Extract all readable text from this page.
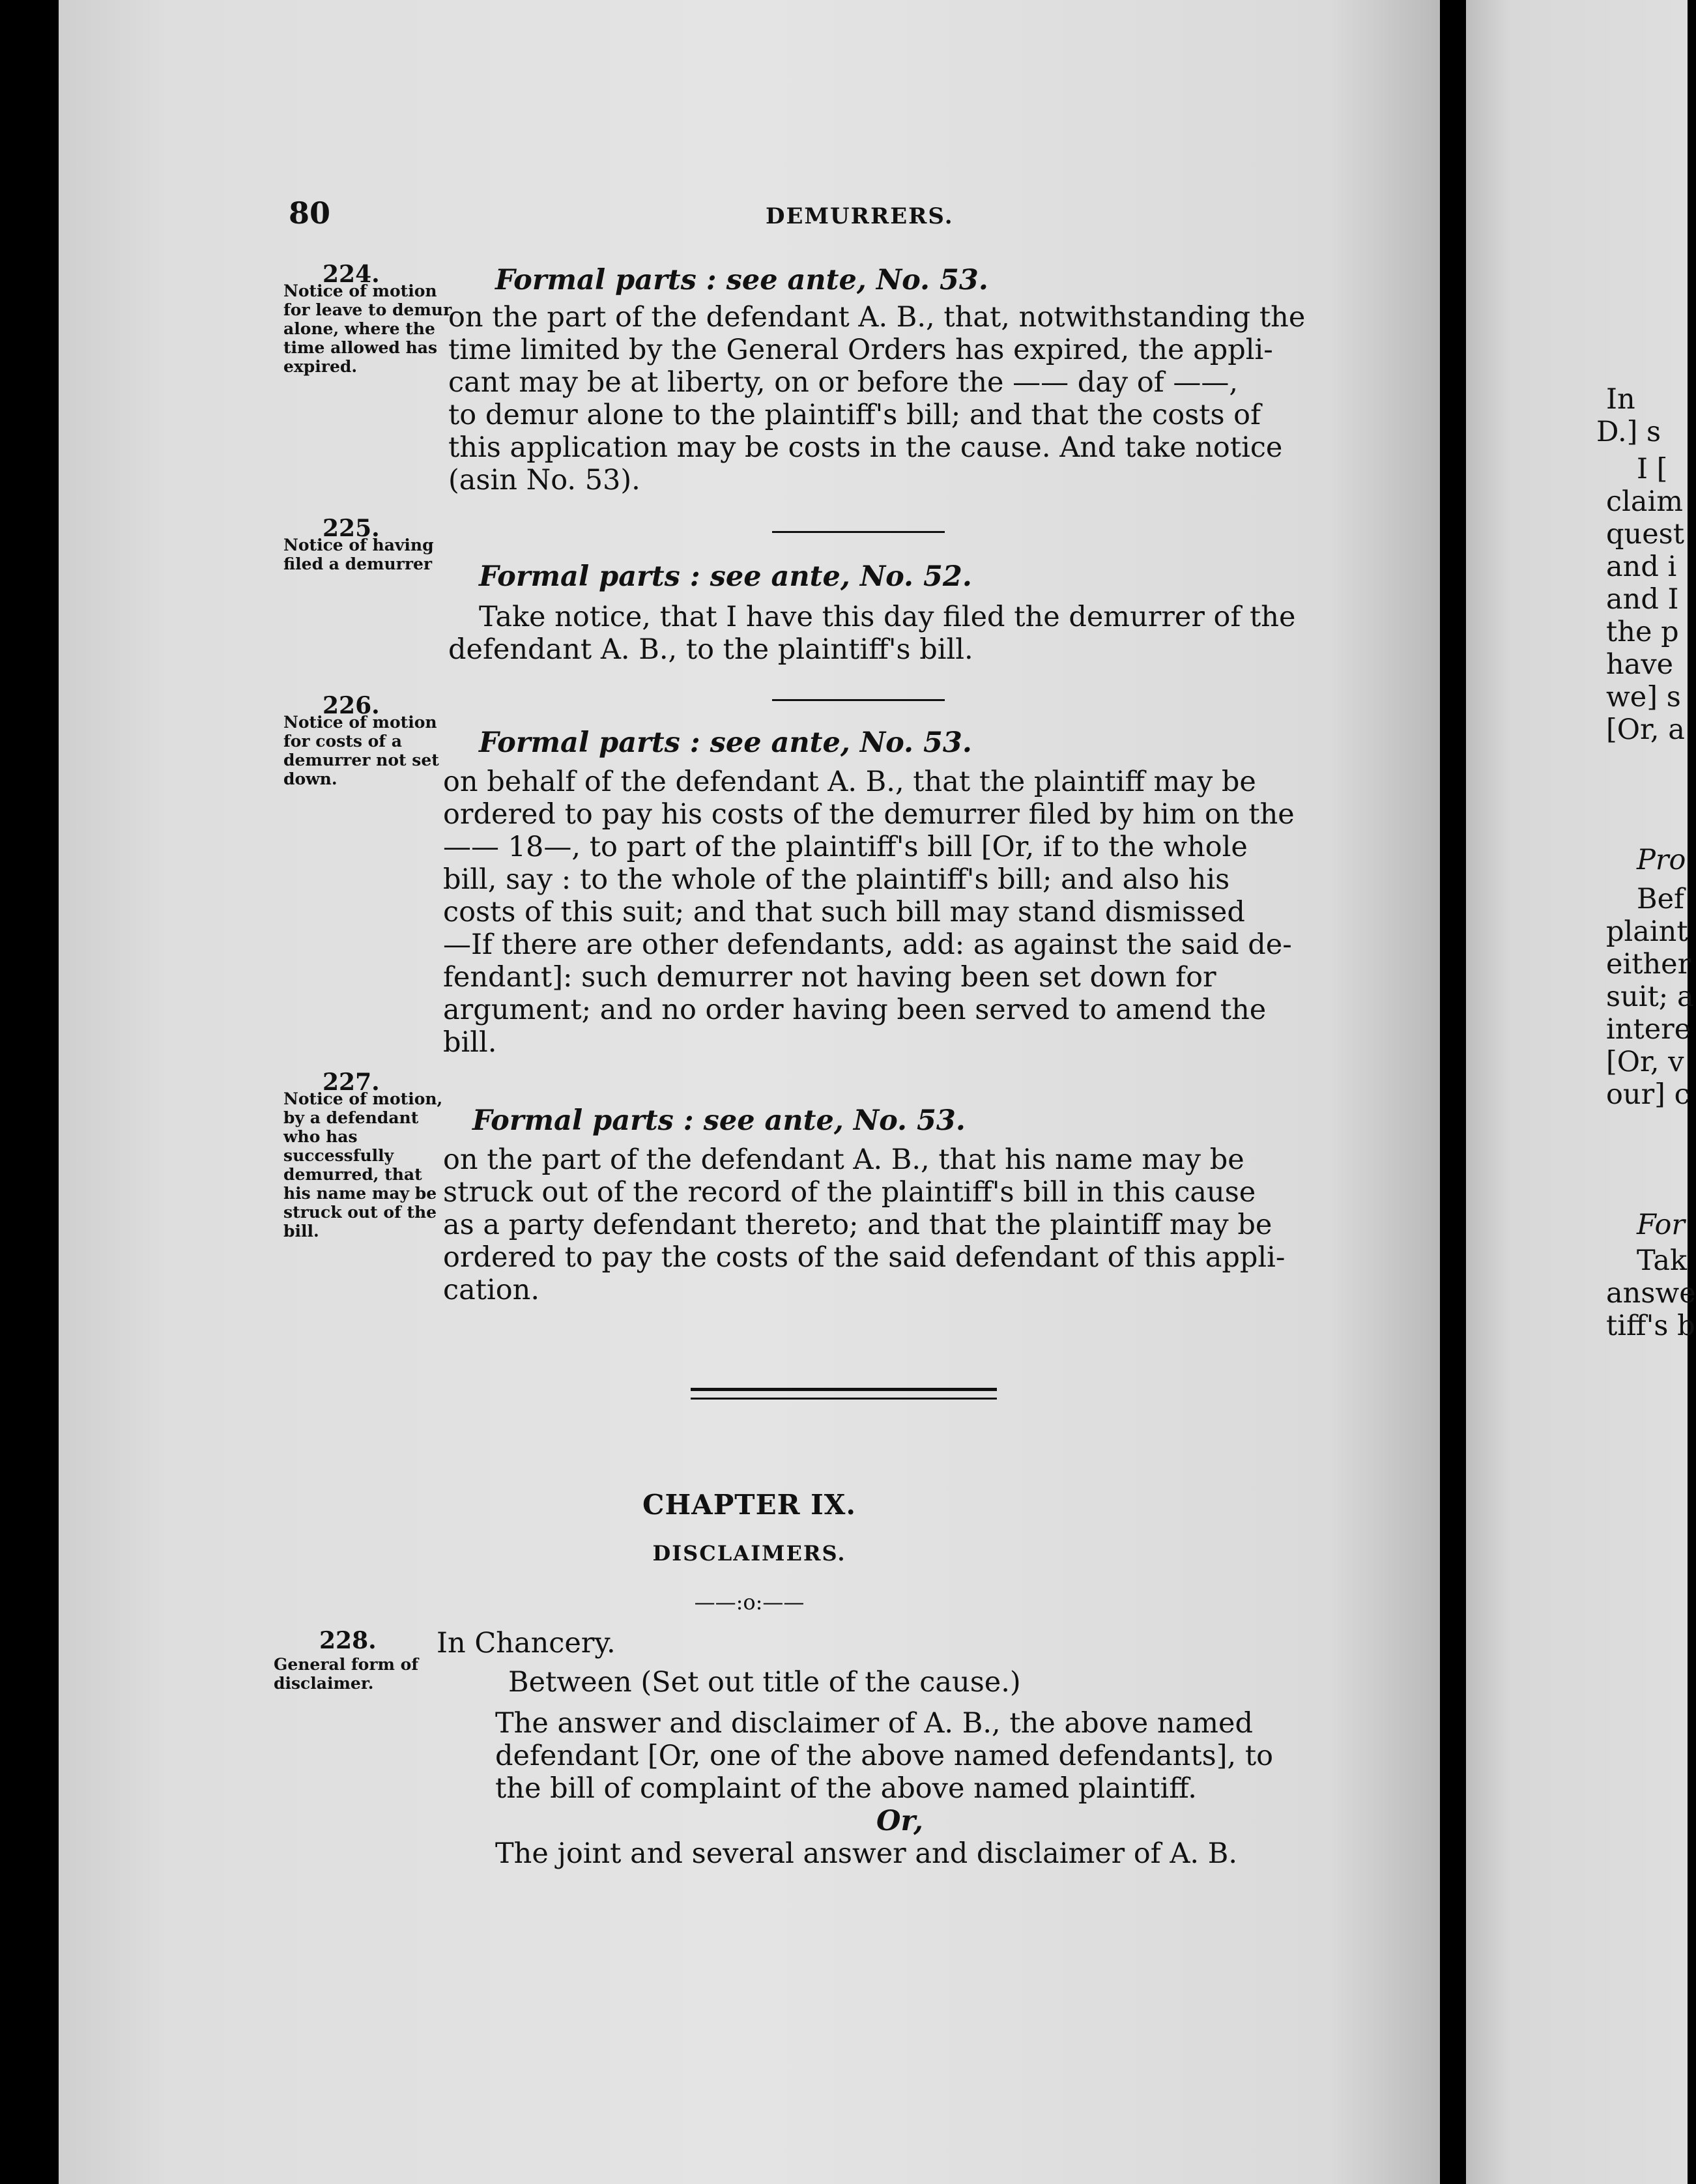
80	DEMURRERS.
224.
Notice of motion for leave to demur alone, where the time allowed has expired.
Formal parts : see ante, No. 53.
on the part of the defendant A. B., that, notwithstanding the
time limited by the General Orders has expired, the appli-
cant may be at liberty, on or before the —— day of ——,
to demur alone to the plaintiff's bill; and that the costs of
this application may be costs in the cause. And take notice
(asin No. 53).
225.
Notice of having filed a demurrer	Formal parts : see ante, No. 52.
Take notice, that I have this day filed the demurrer of the
defendant A. B., to the plaintiff's bill.
226.
Notice of motion for costs of a demurrer not set down.
Formal parts : see ante, No. 53.
on behalf of the defendant A. B., that the plaintiff may be
ordered to pay his costs of the demurrer filed by him on the
—— 18—, to part of the plaintiff's bill [Or, if to the whole
bill, say : to the whole of the plaintiff's bill; and also his
costs of this suit; and that such bill may stand dismissed
—If there are other defendants, add: as against the said de-
fendant]: such demurrer not having been set down for
argument; and no order having been served to amend the
bill.
227.
Notice of motion, by a defendant who has successfully demurred, that his name may be struck out of the bill.
Formal parts : see ante, No. 53.
on the part of the defendant A. B., that his name may be
struck out of the record of the plaintiff's bill in this cause
as a party defendant thereto; and that the plaintiff may be
ordered to pay the costs of the said defendant of this appli-
cation.
CHAPTER IX.
DISCLAIMERS.
——:o:——
228.
General form of disclaimer.
In Chancery.
Between (Set out title of the cause.)
The answer and disclaimer of A. B., the above named
defendant [Or, one of the above named defendants], to
the bill of complaint of the above named plaintiff.
Or,
The joint and several answer and disclaimer of A. B.
In
D.] s
I [
claim
quest
and i
and I
the p
have
we] s
[Or, a
Pro
Bef
plaint
either
suit; a
intere
[Or, v
our] c
For
Tak
answe
tiff's b
